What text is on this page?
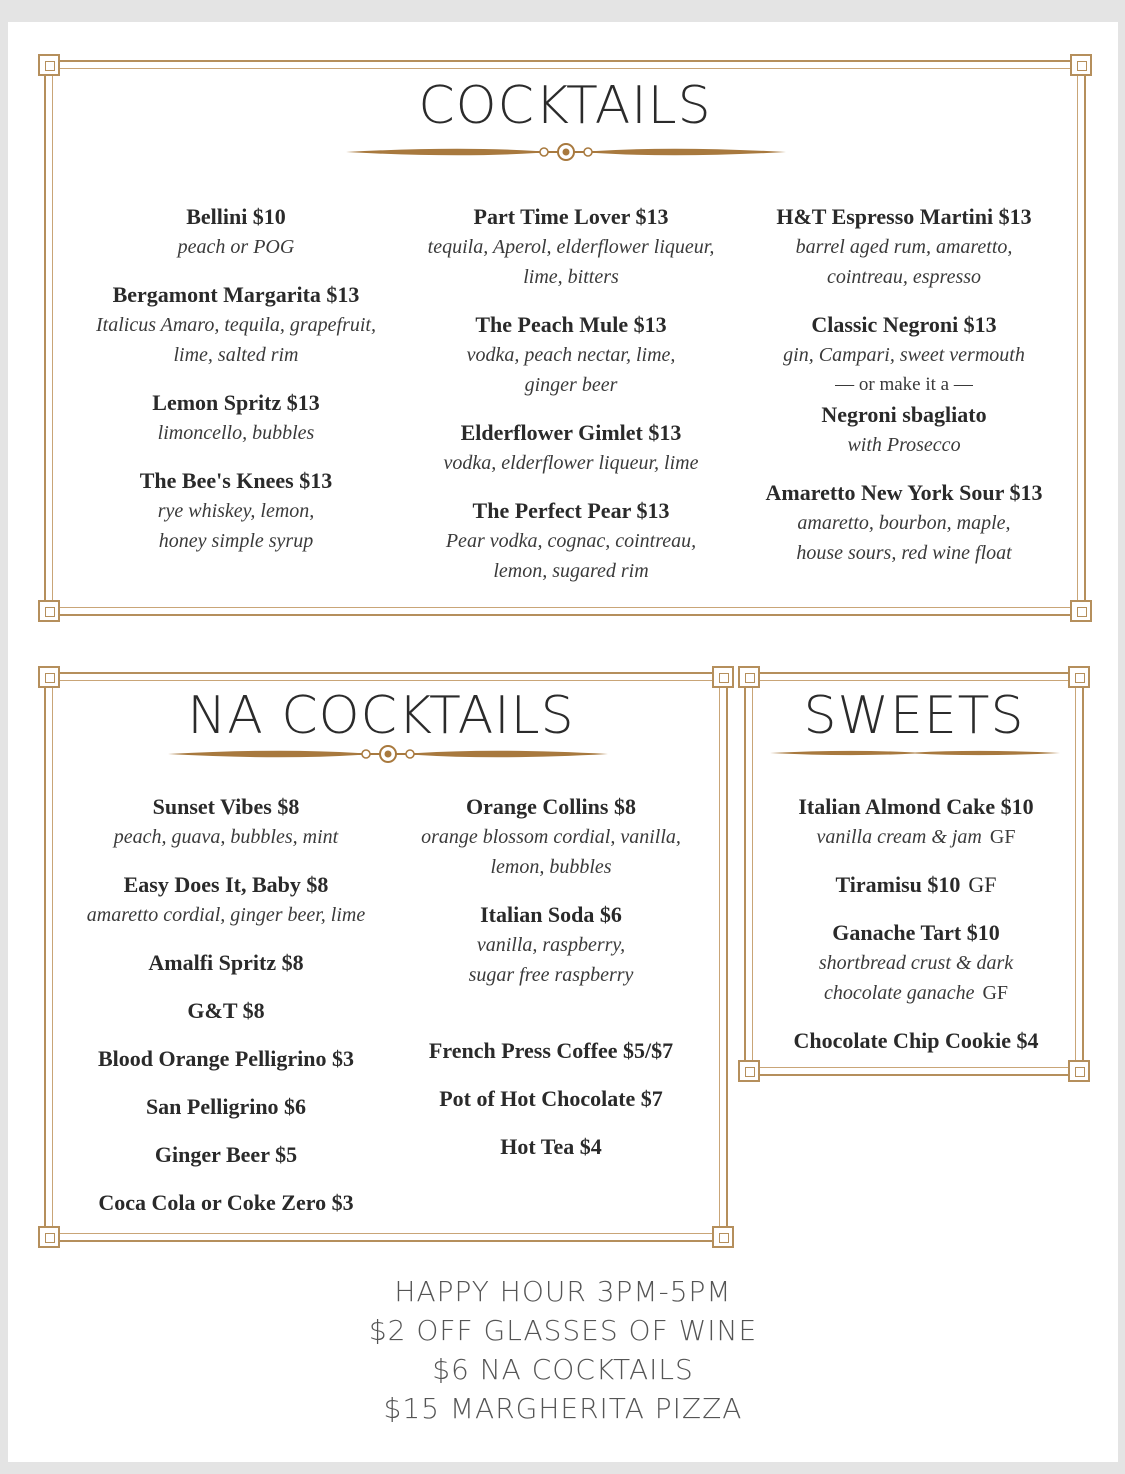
COCKTAILS
Bellini $10
peach or POG
Bergamont Margarita $13
Italicus Amaro, tequila, grapefruit,
lime, salted rim
Lemon Spritz $13
limoncello, bubbles
The Bee's Knees $13
rye whiskey, lemon,
honey simple syrup
Part Time Lover $13
tequila, Aperol, elderflower liqueur,
lime, bitters
The Peach Mule $13
vodka, peach nectar, lime,
ginger beer
Elderflower Gimlet $13
vodka, elderflower liqueur, lime
The Perfect Pear $13
Pear vodka, cognac, cointreau,
lemon, sugared rim
H&T Espresso Martini $13
barrel aged rum, amaretto,
cointreau, espresso
Classic Negroni $13
gin, Campari, sweet vermouth
— or make it a —
Negroni sbagliato
with Prosecco
Amaretto New York Sour $13
amaretto, bourbon, maple,
house sours, red wine float
NA COCKTAILS
Sunset Vibes $8
peach, guava, bubbles, mint
Easy Does It, Baby $8
amaretto cordial, ginger beer, lime
Amalfi Spritz $8
G&T $8
Blood Orange Pelligrino $3
San Pelligrino $6
Ginger Beer $5
Coca Cola or Coke Zero $3
Orange Collins $8
orange blossom cordial, vanilla,
lemon, bubbles
Italian Soda $6
vanilla, raspberry,
sugar free raspberry
French Press Coffee $5/$7
Pot of Hot Chocolate $7
Hot Tea $4
SWEETS
Italian Almond Cake $10
vanilla cream & jam GF
Tiramisu $10 GF
Ganache Tart $10
shortbread crust & dark
chocolate ganache GF
Chocolate Chip Cookie $4
HAPPY HOUR 3PM-5PM
$2 OFF GLASSES OF WINE
$6 NA COCKTAILS
$15 MARGHERITA PIZZA
